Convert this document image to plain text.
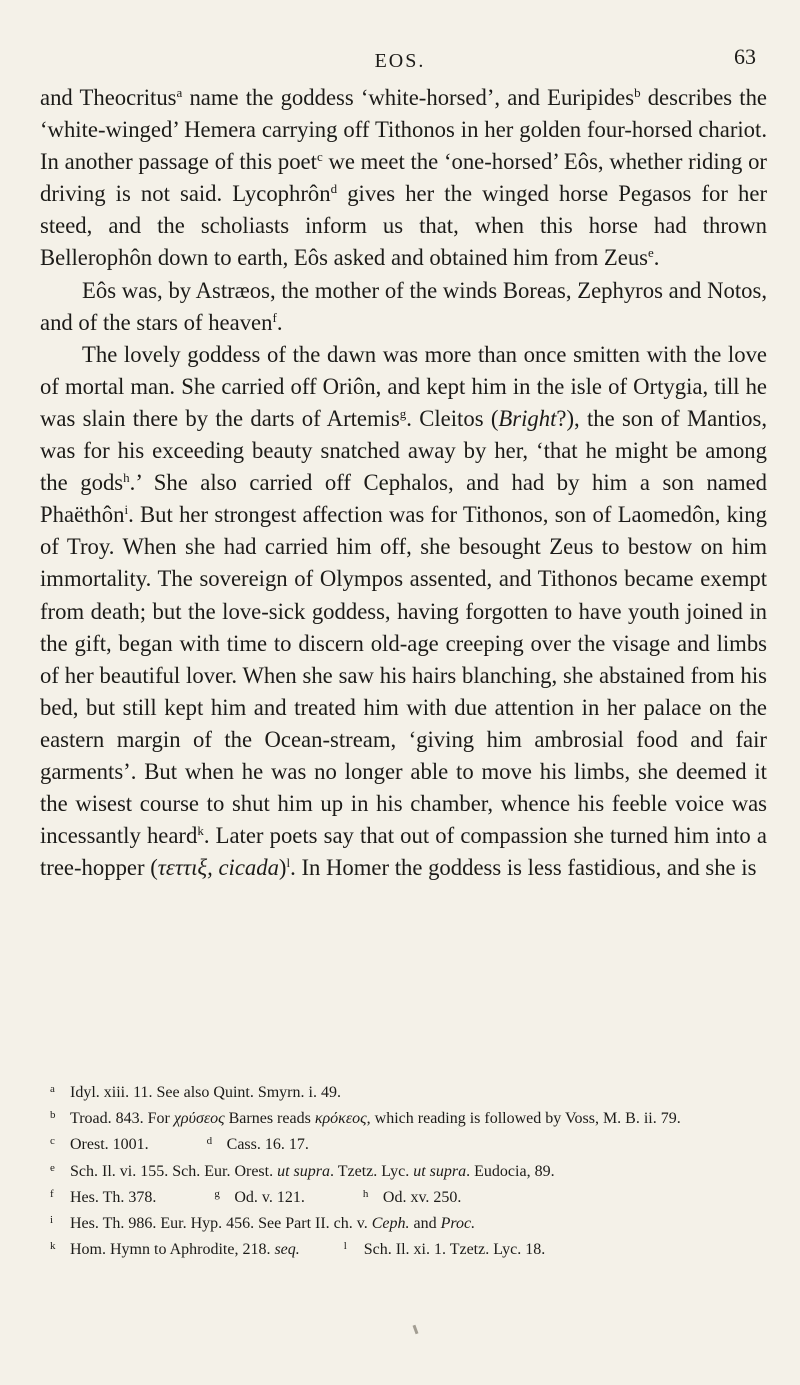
EOS.	63

and Theocritus$^a$ name the goddess ‘white-horsed’, and Euripides$^b$ describes the ‘white-winged’ Hemera carrying off Tithonos in her golden four-horsed chariot. In another passage of this poet$^c$ we meet the ‘one-horsed’ Eôs, whether riding or driving is not said. Lycophrôn$^d$ gives her the winged horse Pegasos for her steed, and the scholiasts inform us that, when this horse had thrown Bellerophôn down to earth, Eôs asked and obtained him from Zeus$^e$.

Eôs was, by Astræos, the mother of the winds Boreas, Zephyros and Notos, and of the stars of heaven$^f$.

The lovely goddess of the dawn was more than once smitten with the love of mortal man. She carried off Oriôn, and kept him in the isle of Ortygia, till he was slain there by the darts of Artemis$^g$. Cleitos (Bright?), the son of Mantios, was for his exceeding beauty snatched away by her, ‘that he might be among the gods$^h$.’ She also carried off Cephalos, and had by him a son named Phaëthôn$^i$. But her strongest affection was for Tithonos, son of Laomedôn, king of Troy. When she had carried him off, she besought Zeus to bestow on him immortality. The sovereign of Olympos assented, and Tithonos became exempt from death; but the love-sick goddess, having forgotten to have youth joined in the gift, began with time to discern old-age creeping over the visage and limbs of her beautiful lover. When she saw his hairs blanching, she abstained from his bed, but still kept him and treated him with due attention in her palace on the eastern margin of the Ocean-stream, ‘giving him ambrosial food and fair garments’. But when he was no longer able to move his limbs, she deemed it the wisest course to shut him up in his chamber, whence his feeble voice was incessantly heard$^k$. Later poets say that out of compassion she turned him into a tree-hopper (τεττιξ, cicada)$^l$. In Homer the goddess is less fastidious, and she is

a Idyl. xiii. 11. See also Quint. Smyrn. i. 49.

b Troad. 843. For χρύσεος Barnes reads κρόκεος, which reading is followed by Voss, M. B. ii. 79.

c Orest. 1001.	d Cass. 16. 17.

e Sch. Il. vi. 155. Sch. Eur. Orest. ut supra. Tzetz. Lyc. ut supra. Eudocia, 89.

f Hes. Th. 378.	g Od. v. 121.	h Od. xv. 250.

i Hes. Th. 986. Eur. Hyp. 456. See Part II. ch. v. Ceph. and Proc.

k Hom. Hymn to Aphrodite, 218. seq.	l Sch. Il. xi. 1. Tzetz. Lyc. 18.
